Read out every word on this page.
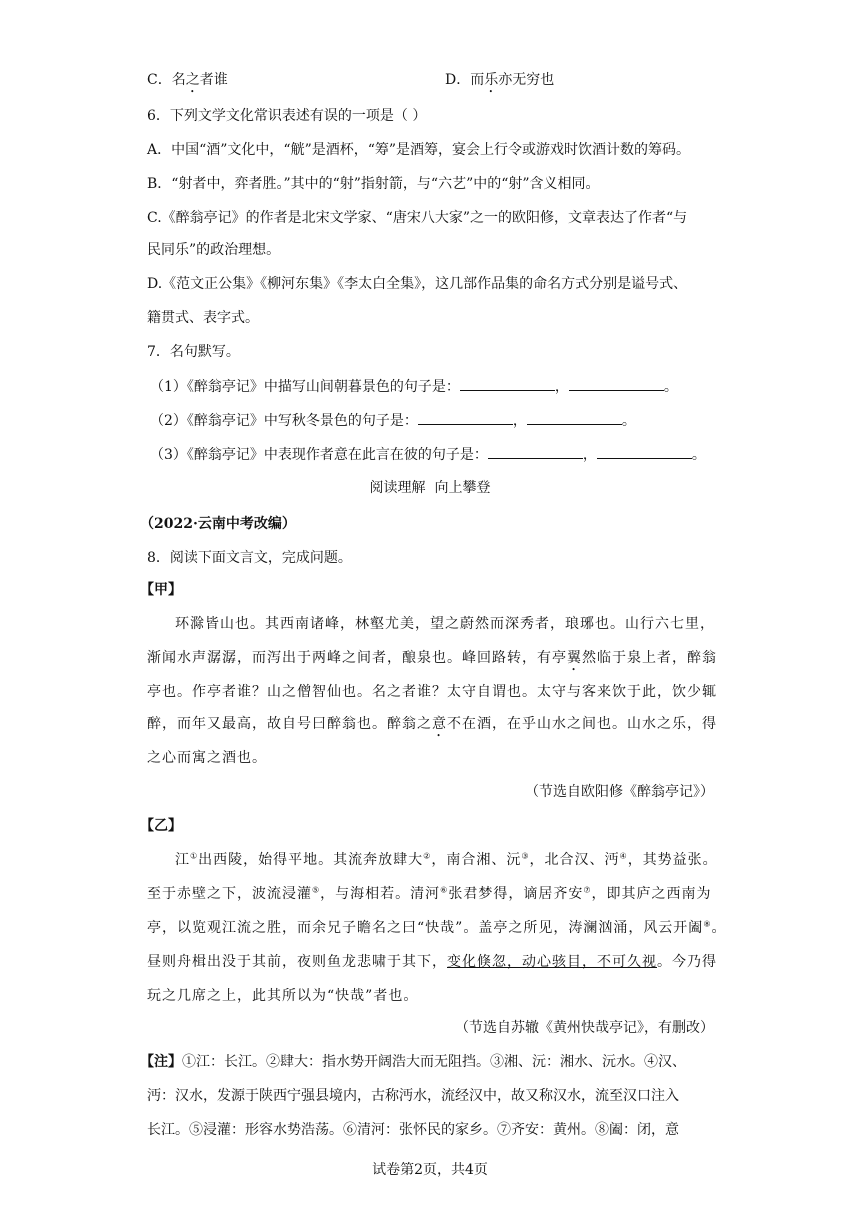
C．名之者谁	D．而乐亦无穷也
6．下列文学文化常识表述有误的一项是（ ）
A．中国“酒”文化中，“觥”是酒杯，“筹”是酒筹，宴会上行令或游戏时饮酒计数的筹码。
B．“射者中，弈者胜。”其中的“射”指射箭，与“六艺”中的“射”含义相同。
C.《醉翁亭记》的作者是北宋文学家、“唐宋八大家”之一的欧阳修，文章表达了作者“与
民同乐”的政治理想。
D.《范文正公集》《柳河东集》《李太白全集》，这几部作品集的命名方式分别是谥号式、
籍贯式、表字式。
7．名句默写。
（1）《醉翁亭记》中描写山间朝暮景色的句子是：	，	。
（2）《醉翁亭记》中写秋冬景色的句子是：	，	。
（3）《醉翁亭记》中表现作者意在此言在彼的句子是：	，	。
阅读理解  向上攀登
（2022·云南中考改编）
8．阅读下面文言文，完成问题。
【甲】
环滁皆山也。其西南诸峰，林壑尤美，望之蔚然而深秀者，琅琊也。山行六七里，
渐闻水声潺潺，而泻出于两峰之间者，酿泉也。峰回路转，有亭翼然临于泉上者，醉翁
亭也。作亭者谁？山之僧智仙也。名之者谁？太守自谓也。太守与客来饮于此，饮少辄
醉，而年又最高，故自号曰醉翁也。醉翁之意不在酒，在乎山水之间也。山水之乐，得
之心而寓之酒也。
（节选自欧阳修《醉翁亭记》）
【乙】
江①出西陵，始得平地。其流奔放肆大②，南合湘、沅③，北合汉、沔④，其势益张。
至于赤壁之下，波流浸灌⑤，与海相若。清河⑥张君梦得，谪居齐安⑦，即其庐之西南为
亭，以览观江流之胜，而余兄子瞻名之曰“快哉”。盖亭之所见，涛澜汹涌，风云开阖⑧。
昼则舟楫出没于其前，夜则鱼龙悲啸于其下，变化倏忽，动心骇目，不可久视。今乃得
玩之几席之上，此其所以为“快哉”者也。
（节选自苏辙《黄州快哉亭记》，有删改）
【注】①江：长江。②肆大：指水势开阔浩大而无阻挡。③湘、沅：湘水、沅水。④汉、
沔：汉水，发源于陕西宁强县境内，古称沔水，流经汉中，故又称汉水，流至汉口注入
长江。⑤浸灌：形容水势浩荡。⑥清河：张怀民的家乡。⑦齐安：黄州。⑧阖：闭，意
试卷第2页，共4页
